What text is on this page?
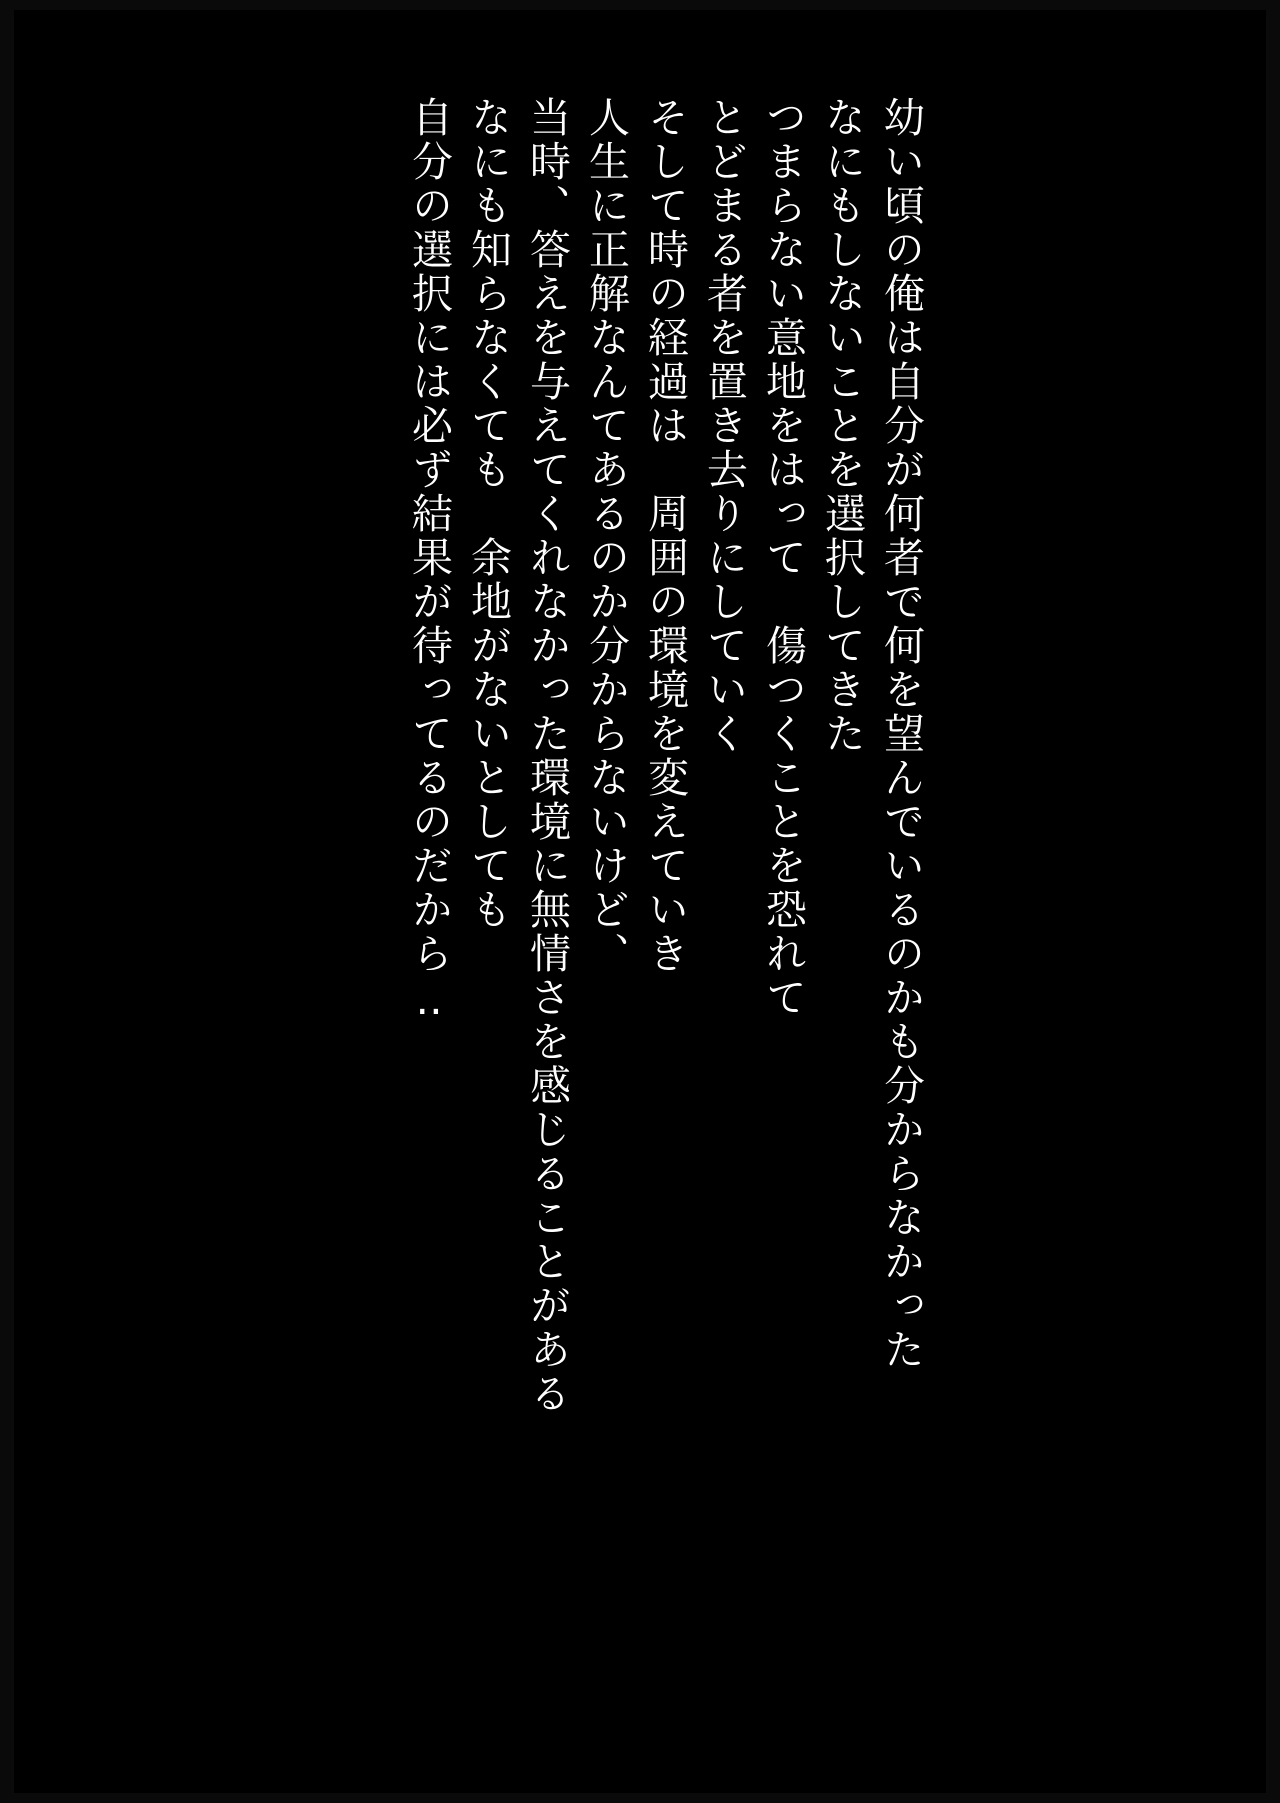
自分の選択には必ず結果が待ってるのだから‥ なにも知らなくても　余地がないとしても 当時、答えを与えてくれなかった環境に無情さを感じることがある 人生に正解なんてあるのか分からないけど、 そして時の経過は　周囲の環境を変えていき とどまる者を置き去りにしていく つまらない意地をはって　傷つくことを恐れて なにもしないことを選択してきた 幼い頃の俺は自分が何者で何を望んでいるのかも分からなかった
